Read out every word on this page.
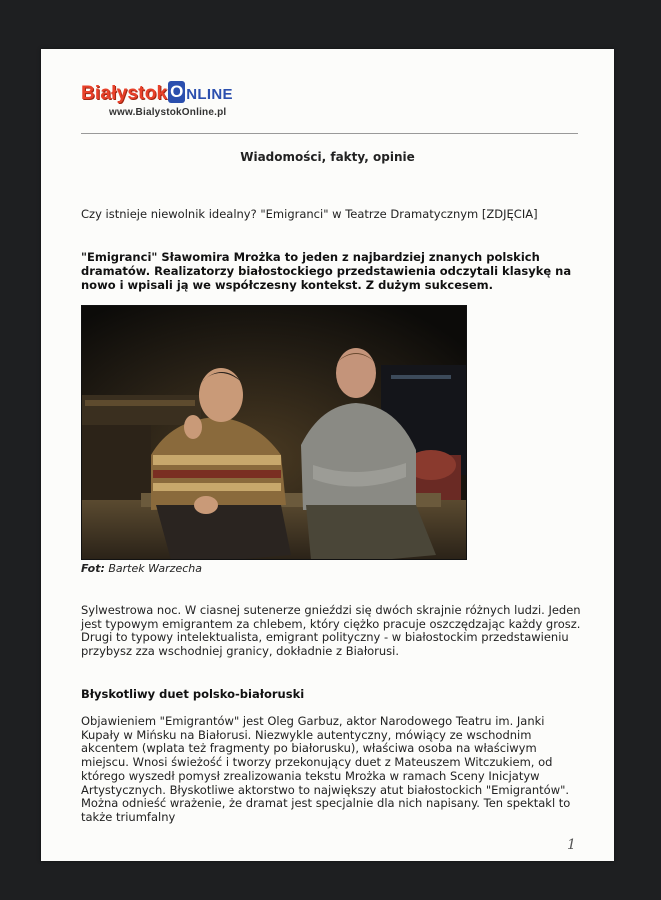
Białystok O NLINE
www.BialystokOnline.pl
Wiadomości, fakty, opinie
Czy istnieje niewolnik idealny? "Emigranci" w Teatrze Dramatycznym [ZDJĘCIA]
"Emigranci" Sławomira Mrożka to jeden z najbardziej znanych polskich dramatów. Realizatorzy białostockiego przedstawienia odczytali klasykę na nowo i wpisali ją we współczesny kontekst. Z dużym sukcesem.
Fot: Bartek Warzecha
Sylwestrowa noc. W ciasnej sutenerze gnieździ się dwóch skrajnie różnych ludzi. Jeden jest typowym emigrantem za chlebem, który ciężko pracuje oszczędzając każdy grosz. Drugi to typowy intelektualista, emigrant polityczny - w białostockim przedstawieniu przybysz zza wschodniej granicy, dokładnie z Białorusi.
Błyskotliwy duet polsko-białoruski
Objawieniem "Emigrantów" jest Oleg Garbuz, aktor Narodowego Teatru im. Janki Kupały w Mińsku na Białorusi. Niezwykle autentyczny, mówiący ze wschodnim akcentem (wplata też fragmenty po białorusku), właściwa osoba na właściwym miejscu. Wnosi świeżość i tworzy przekonujący duet z Mateuszem Witczukiem, od którego wyszedł pomysł zrealizowania tekstu Mrożka w ramach Sceny Inicjatyw Artystycznych. Błyskotliwe aktorstwo to największy atut białostockich "Emigrantów". Można odnieść wrażenie, że dramat jest specjalnie dla nich napisany. Ten spektakl to także triumfalny
1
